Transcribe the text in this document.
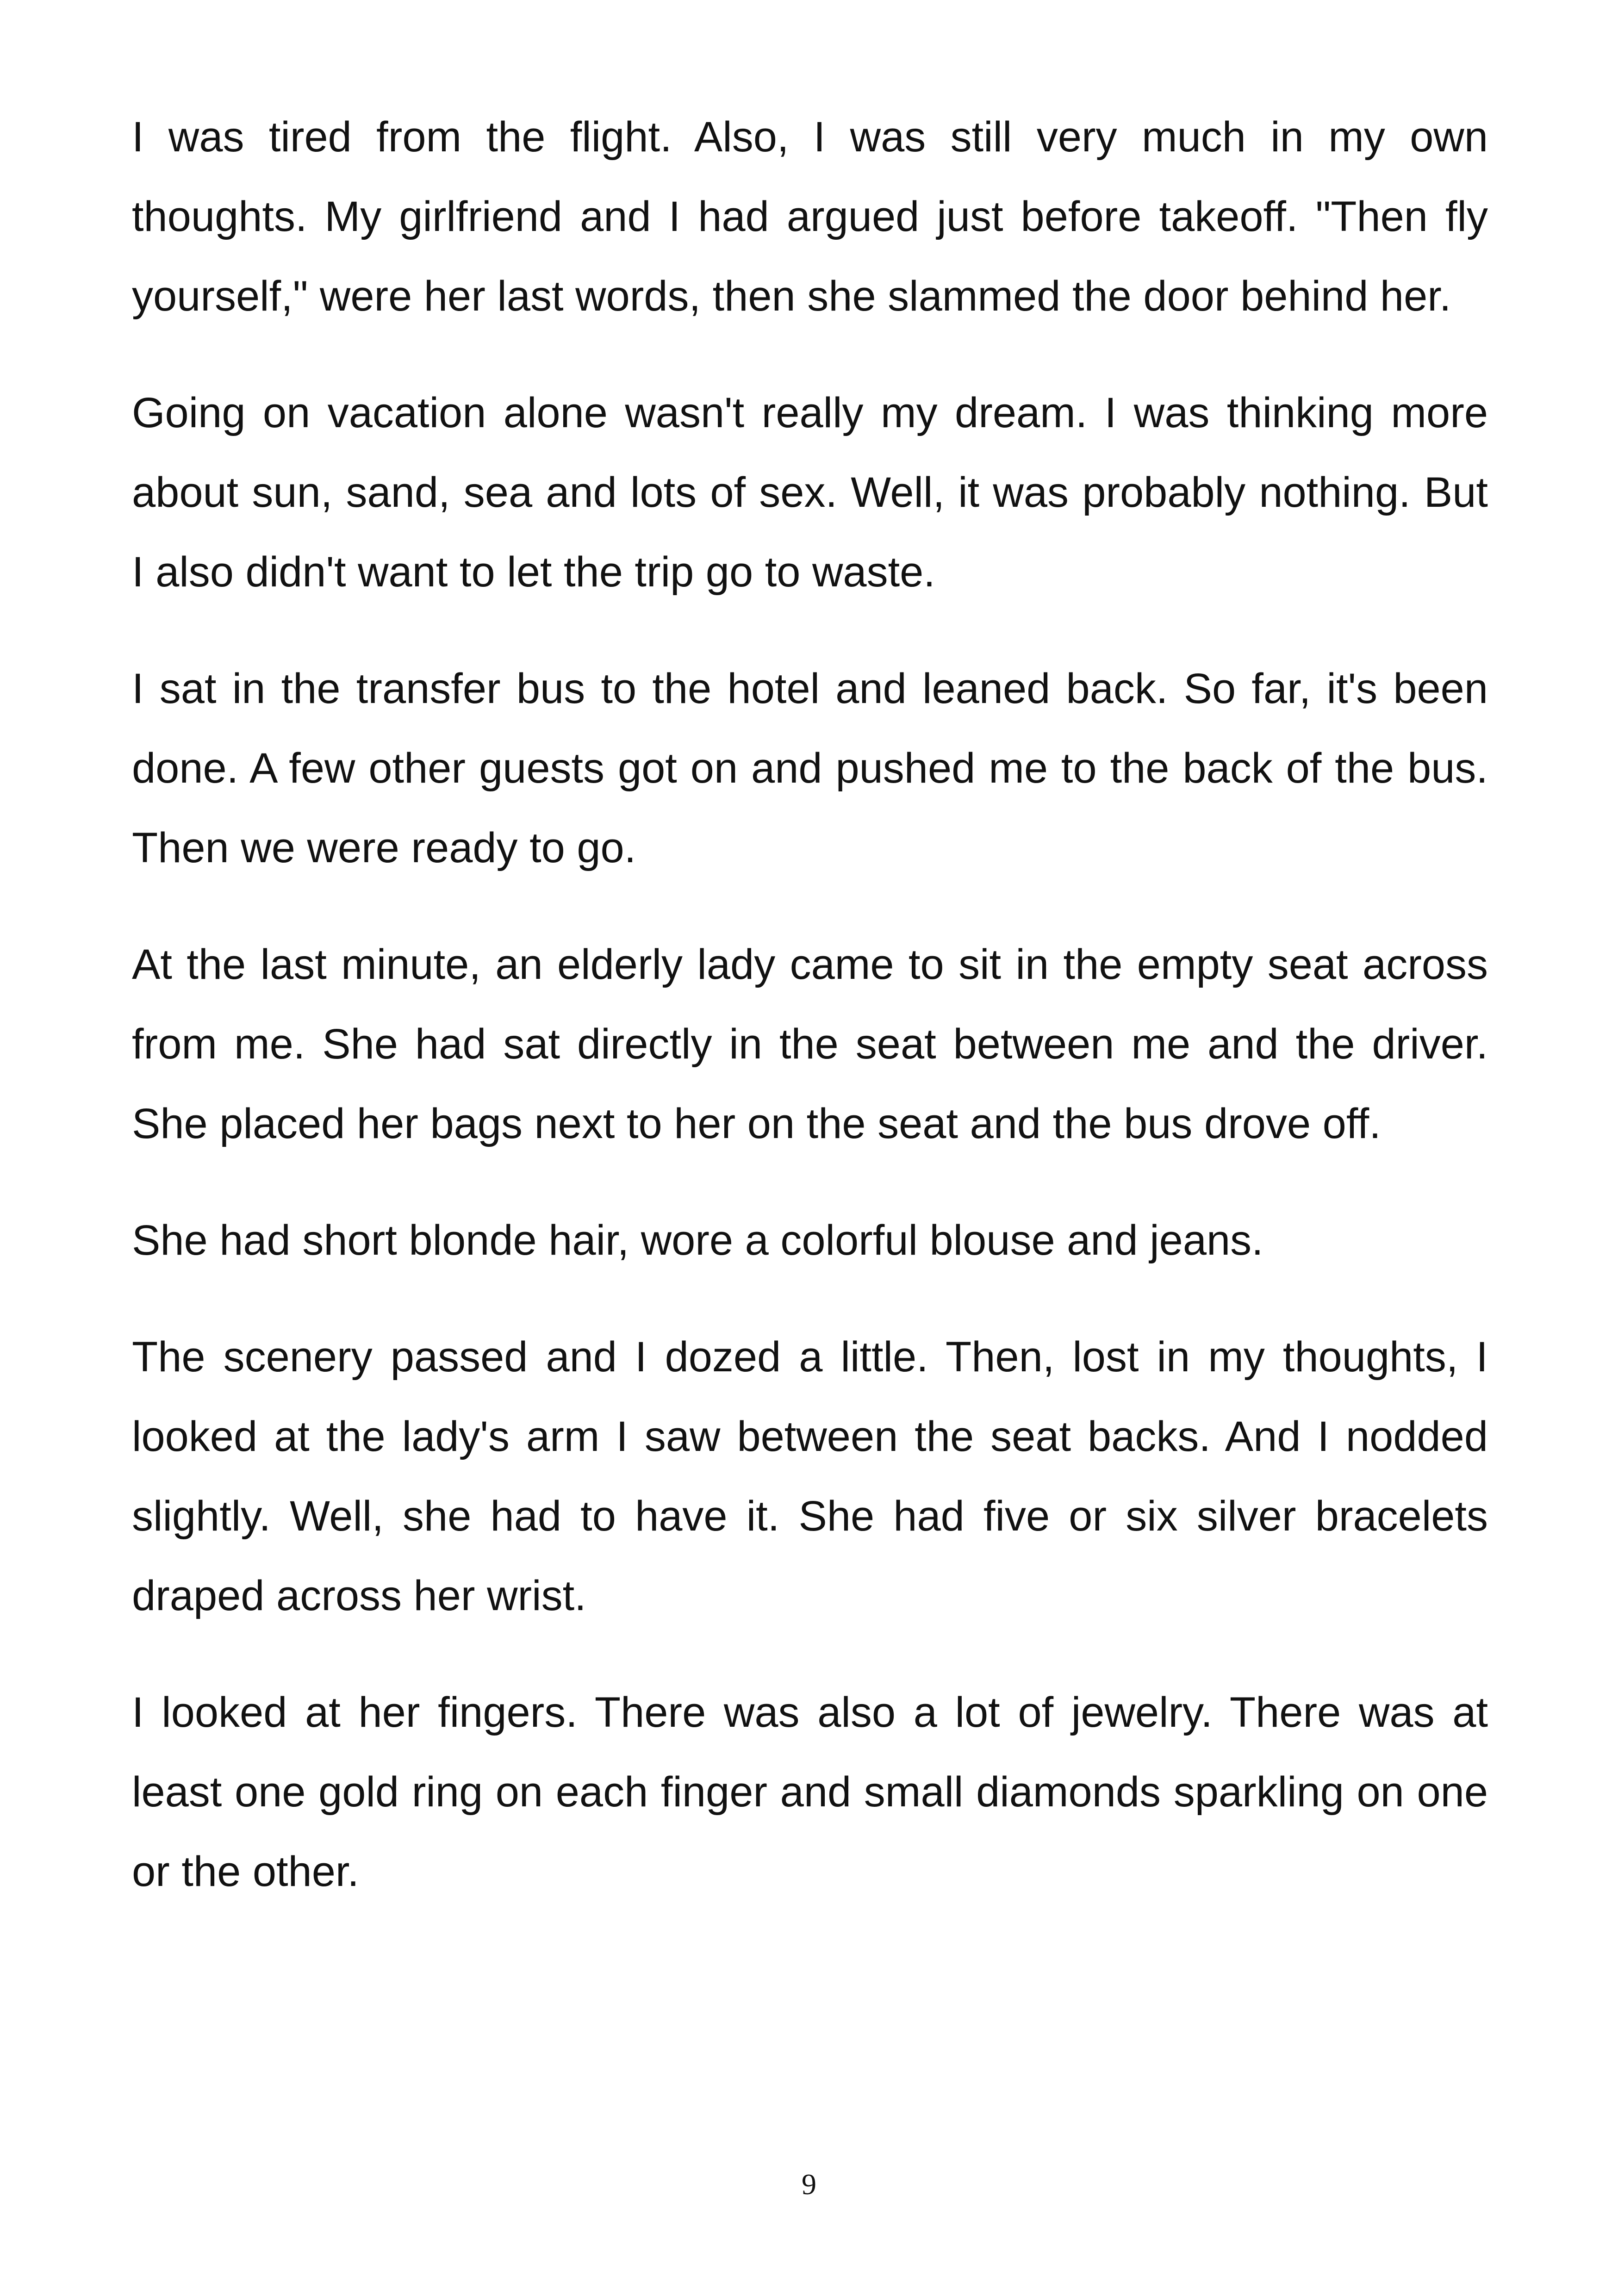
I was tired from the flight. Also, I was still very much in my own thoughts. My girlfriend and I had argued just before takeoff. "Then fly yourself," were her last words, then she slammed the door behind her.

Going on vacation alone wasn't really my dream. I was thinking more about sun, sand, sea and lots of sex. Well, it was probably nothing. But I also didn't want to let the trip go to waste.

I sat in the transfer bus to the hotel and leaned back. So far, it's been done. A few other guests got on and pushed me to the back of the bus. Then we were ready to go.

At the last minute, an elderly lady came to sit in the empty seat across from me. She had sat directly in the seat between me and the driver. She placed her bags next to her on the seat and the bus drove off.

She had short blonde hair, wore a colorful blouse and jeans.

The scenery passed and I dozed a little. Then, lost in my thoughts, I looked at the lady's arm I saw between the seat backs. And I nodded slightly. Well, she had to have it. She had five or six silver bracelets draped across her wrist.

I looked at her fingers. There was also a lot of jewelry. There was at least one gold ring on each finger and small diamonds sparkling on one or the other.

9
